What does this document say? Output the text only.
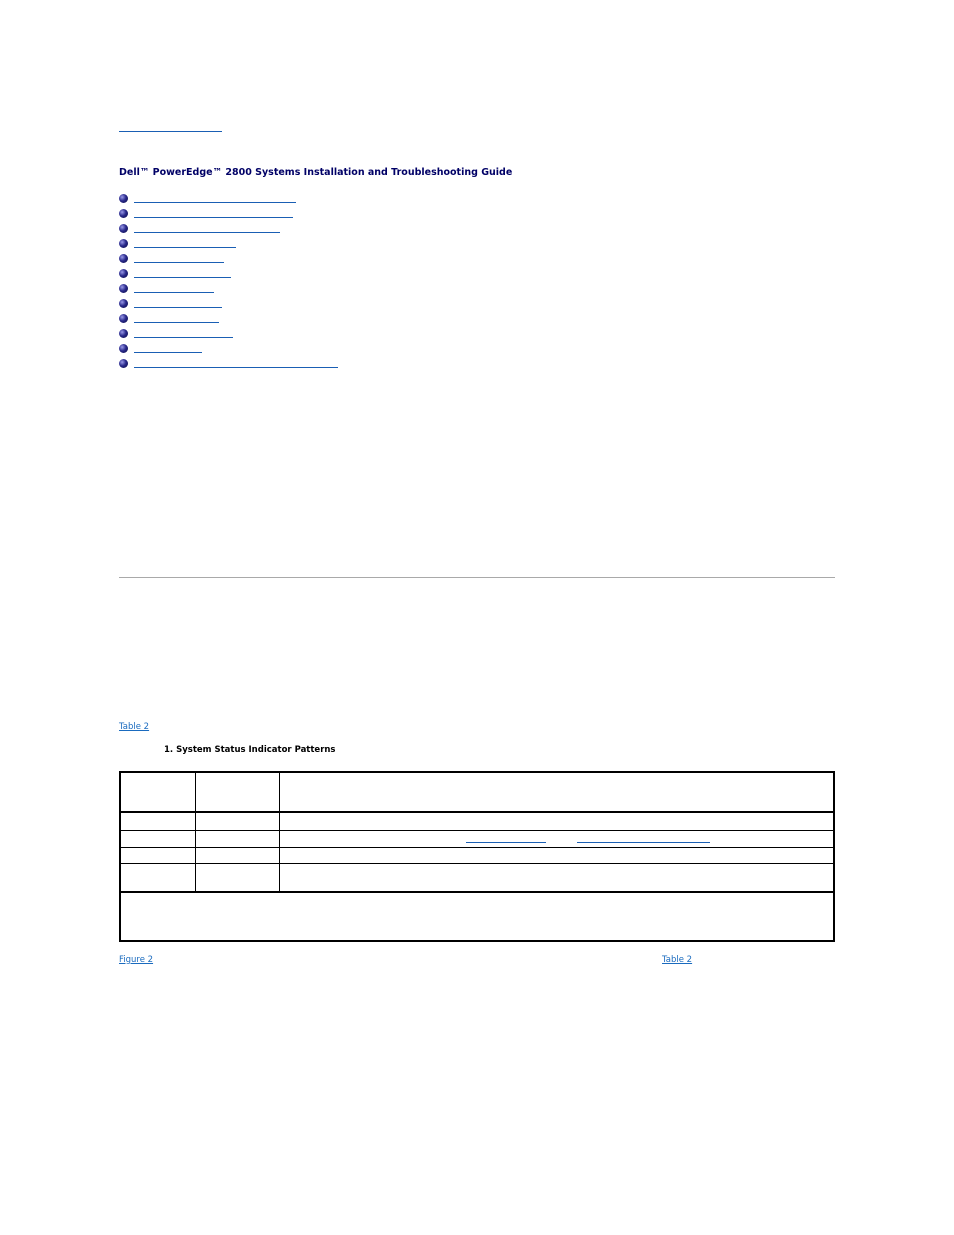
Dell™ PowerEdge™ 2800 Systems Installation and Troubleshooting Guide
Table 2
1. System Status Indicator Patterns
Figure 2	Table 2
